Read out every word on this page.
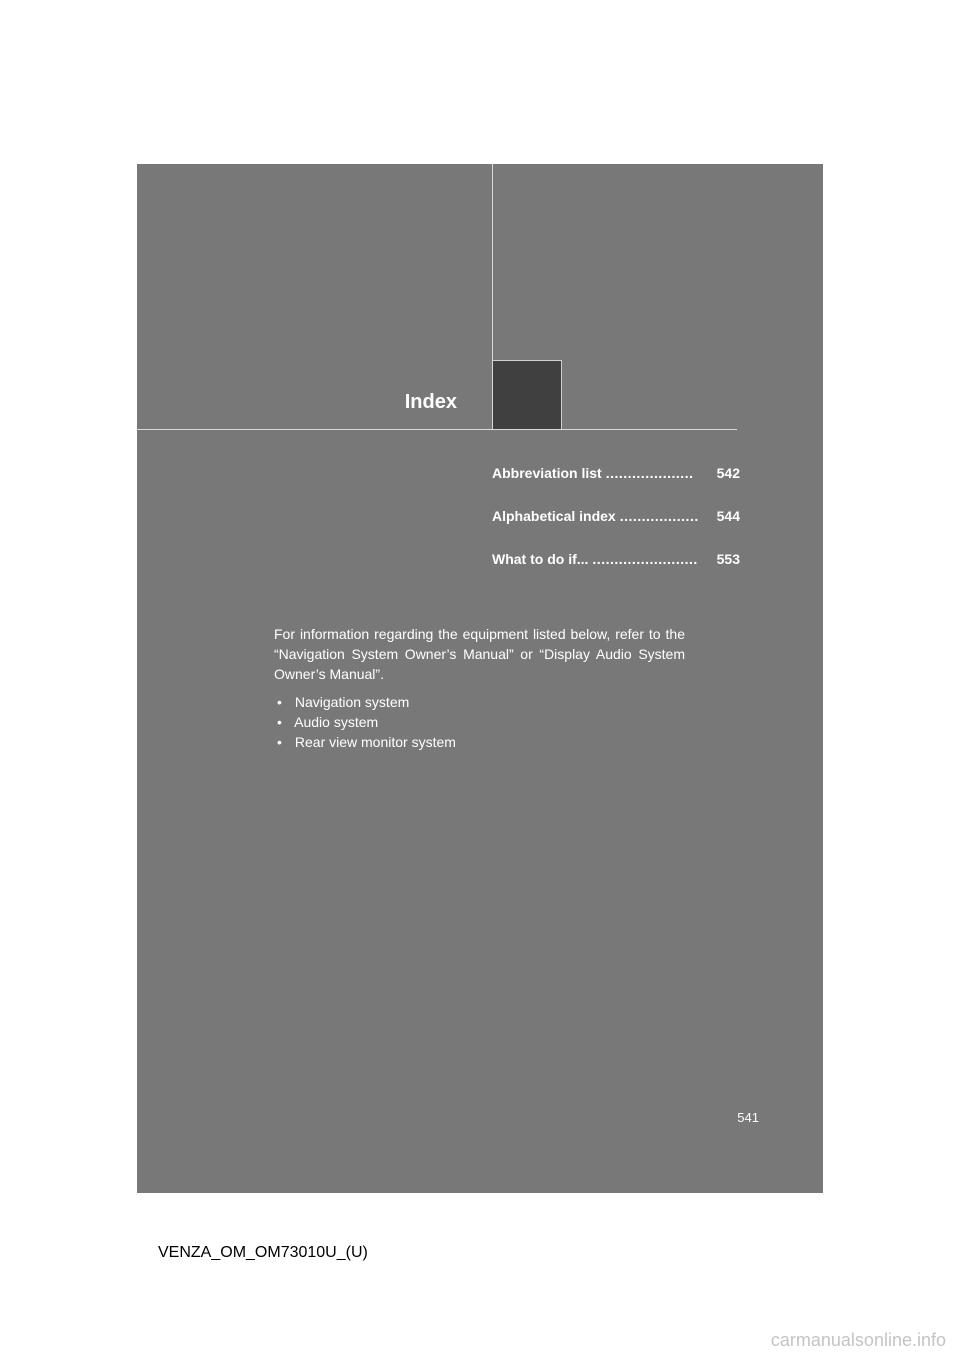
Index
Abbreviation list ....................	542
Alphabetical index ..................	544
What to do if... ........................	553

For information regarding the equipment listed below, refer to the “Navigation System Owner’s Manual” or “Display Audio System Owner’s Manual”.

• Navigation system
• Audio system
• Rear view monitor system
541
VENZA_OM_OM73010U_(U)
carmanualsonline.info
